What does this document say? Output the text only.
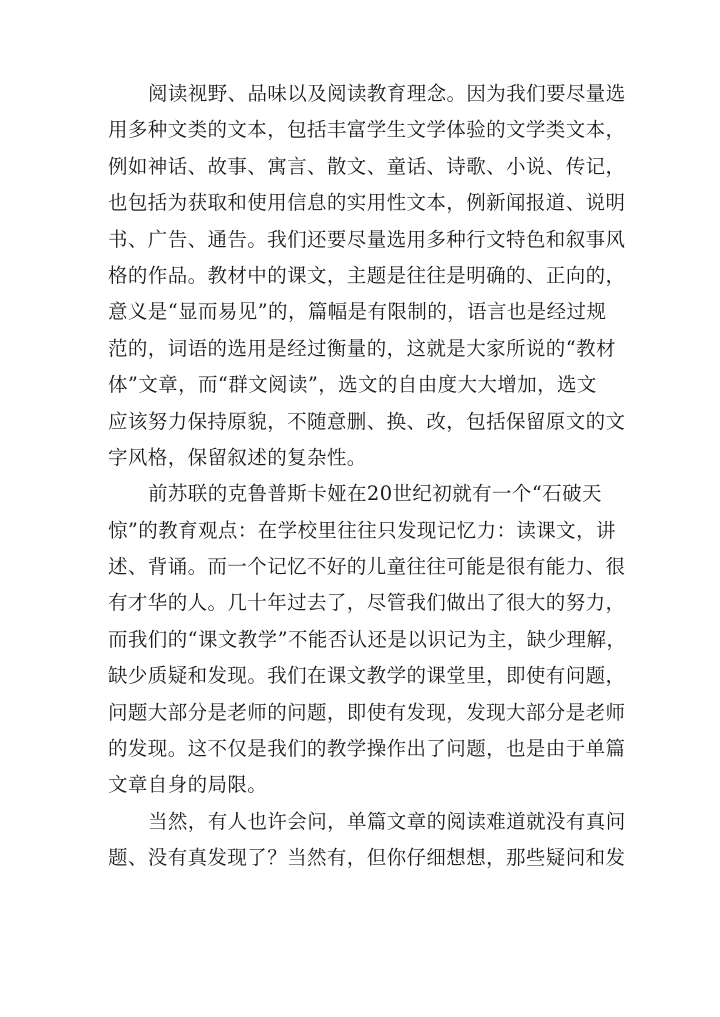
阅读视野、品味以及阅读教育理念。因为我们要尽量选
用多种文类的文本，包括丰富学生文学体验的文学类文本，
例如神话、故事、寓言、散文、童话、诗歌、小说、传记，
也包括为获取和使用信息的实用性文本，例新闻报道、说明
书、广告、通告。我们还要尽量选用多种行文特色和叙事风
格的作品。教材中的课文，主题是往往是明确的、正向的，
意义是“显而易见”的，篇幅是有限制的，语言也是经过规
范的，词语的选用是经过衡量的，这就是大家所说的“教材
体”文章，而“群文阅读”，选文的自由度大大增加，选文
应该努力保持原貌，不随意删、换、改，包括保留原文的文
字风格，保留叙述的复杂性。
前苏联的克鲁普斯卡娅在20世纪初就有一个“石破天
惊”的教育观点：在学校里往往只发现记忆力：读课文，讲
述、背诵。而一个记忆不好的儿童往往可能是很有能力、很
有才华的人。几十年过去了，尽管我们做出了很大的努力，
而我们的“课文教学”不能否认还是以识记为主，缺少理解，
缺少质疑和发现。我们在课文教学的课堂里，即使有问题，
问题大部分是老师的问题，即使有发现，发现大部分是老师
的发现。这不仅是我们的教学操作出了问题，也是由于单篇
文章自身的局限。
当然，有人也许会问，单篇文章的阅读难道就没有真问
题、没有真发现了？当然有，但你仔细想想，那些疑问和发
